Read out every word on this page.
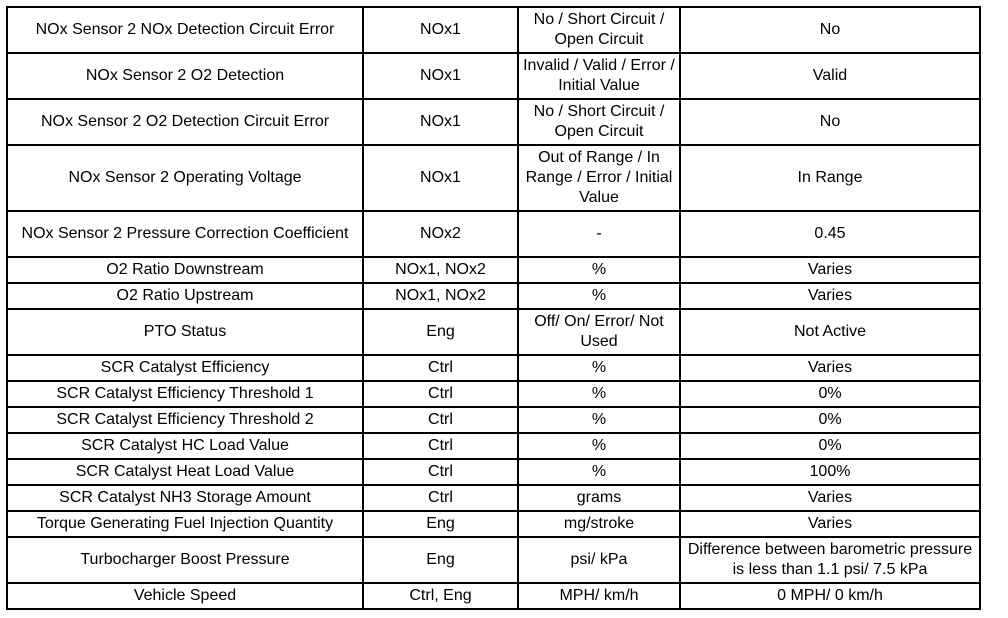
NOx Sensor 2 NOx Detection Circuit Error	NOx1	No / Short Circuit / Open Circuit	No
NOx Sensor 2 O2 Detection	NOx1	Invalid / Valid / Error / Initial Value	Valid
NOx Sensor 2 O2 Detection Circuit Error	NOx1	No / Short Circuit / Open Circuit	No
NOx Sensor 2 Operating Voltage	NOx1	Out of Range / In Range / Error / Initial Value	In Range
NOx Sensor 2 Pressure Correction Coefficient	NOx2	-	0.45
O2 Ratio Downstream	NOx1, NOx2	%	Varies
O2 Ratio Upstream	NOx1, NOx2	%	Varies
PTO Status	Eng	Off/ On/ Error/ Not Used	Not Active
SCR Catalyst Efficiency	Ctrl	%	Varies
SCR Catalyst Efficiency Threshold 1	Ctrl	%	0%
SCR Catalyst Efficiency Threshold 2	Ctrl	%	0%
SCR Catalyst HC Load Value	Ctrl	%	0%
SCR Catalyst Heat Load Value	Ctrl	%	100%
SCR Catalyst NH3 Storage Amount	Ctrl	grams	Varies
Torque Generating Fuel Injection Quantity	Eng	mg/stroke	Varies
Turbocharger Boost Pressure	Eng	psi/ kPa	Difference between barometric pressure is less than 1.1 psi/ 7.5 kPa
Vehicle Speed	Ctrl, Eng	MPH/ km/h	0 MPH/ 0 km/h
